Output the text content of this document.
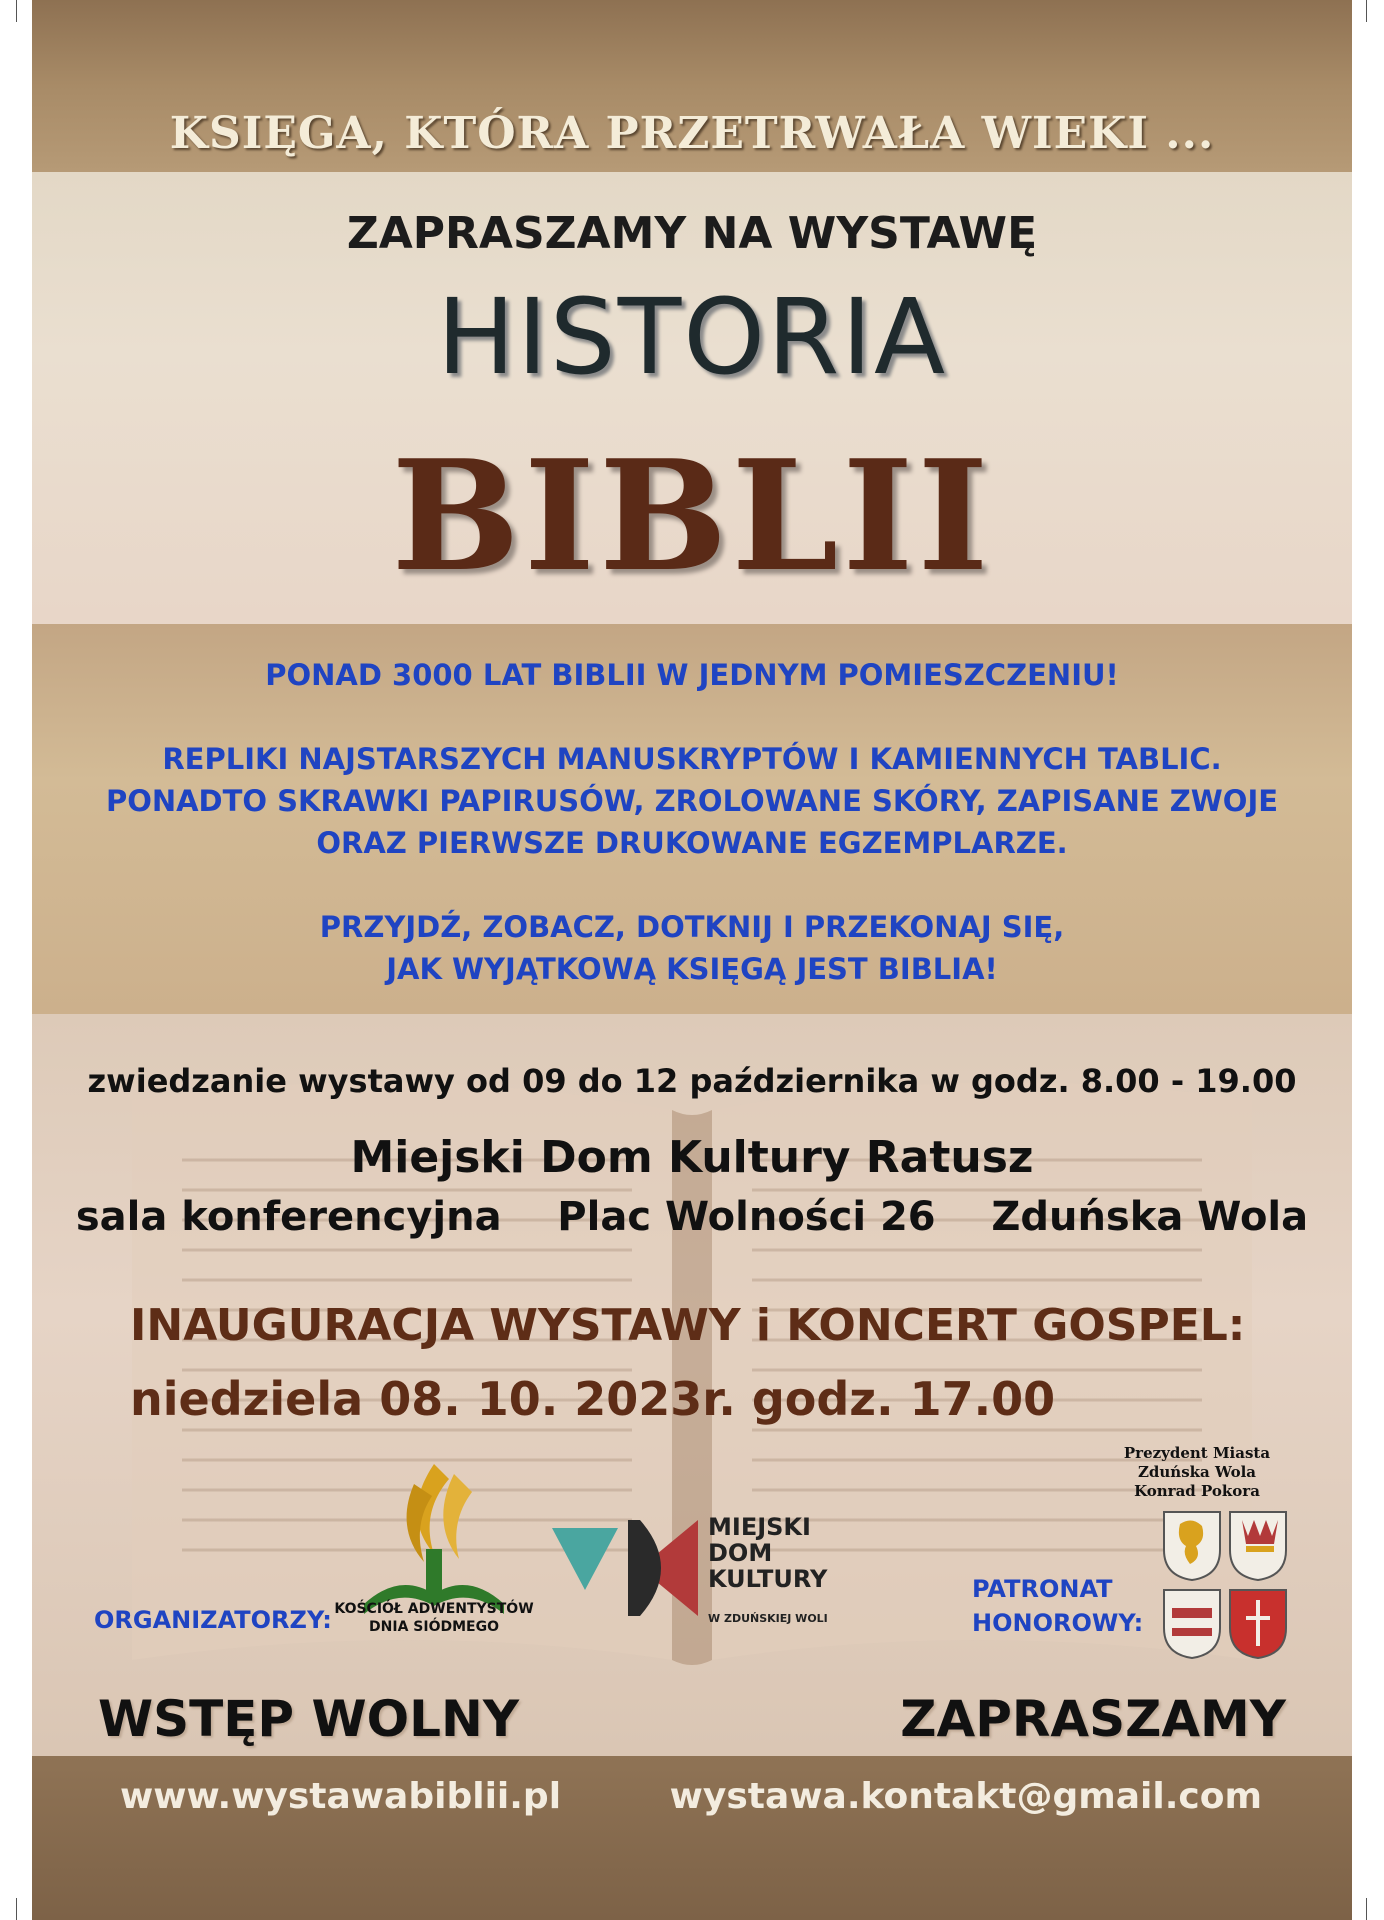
KSIĘGA, KTÓRA PRZETRWAŁA WIEKI ...

ZAPRASZAMY NA WYSTAWĘ

HISTORIA

BIBLII

PONAD 3000 LAT BIBLII W JEDNYM POMIESZCZENIU!

REPLIKI NAJSTARSZYCH MANUSKRYPTÓW I KAMIENNYCH TABLIC.

PONADTO SKRAWKI PAPIRUSÓW, ZROLOWANE SKÓRY, ZAPISANE ZWOJE

ORAZ PIERWSZE DRUKOWANE EGZEMPLARZE.

PRZYJDŹ, ZOBACZ, DOTKNIJ I PRZEKONAJ SIĘ,

JAK WYJĄTKOWĄ KSIĘGĄ JEST BIBLIA!

zwiedzanie wystawy od 09 do 12 października w godz. 8.00 - 19.00

Miejski Dom Kultury Ratusz

sala konferencyjna    Plac Wolności 26    Zduńska Wola

INAUGURACJA WYSTAWY i KONCERT GOSPEL:

niedziela 08. 10. 2023r. godz. 17.00

KOŚCIÓŁ ADWENTYSTÓW
DNIA SIÓDMEGO
MIEJSKI
DOM
KULTURY
W ZDUŃSKIEJ WOLI
ORGANIZATORZY:
PATRONAT
HONOROWY:
Prezydent Miasta
Zduńska Wola
Konrad Pokora
WSTĘP WOLNY	ZAPRASZAMY
www.wystawabiblii.pl	wystawa.kontakt@gmail.com
